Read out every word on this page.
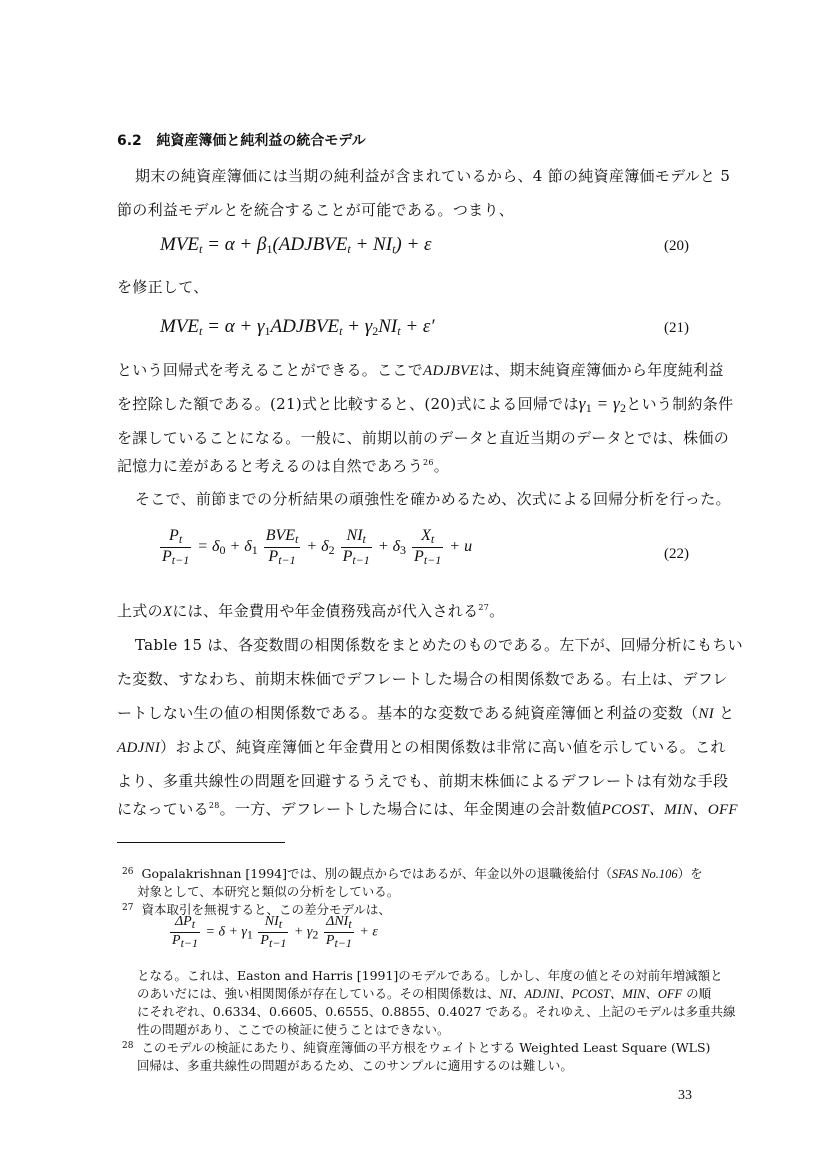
6.2 純資産簿価と純利益の統合モデル
期末の純資産簿価には当期の純利益が含まれているから、4 節の純資産簿価モデルと 5
節の利益モデルとを統合することが可能である。つまり、
$MVE_t = \alpha$ + $\beta_1(ADJBVE_t + NI_t) + \varepsilon$	(20)
を修正して、
$MVE_t = \alpha$ + $\gamma_1ADJBVE_t + \gamma_2NI_t + \varepsilon'$	(21)
という回帰式を考えることができる。ここでADJBVEは、期末純資産簿価から年度純利益
を控除した額である。(21)式と比較すると、(20)式による回帰では$\gamma_1 = \gamma_2$という制約条件
を課していることになる。一般に、前期以前のデータと直近当期のデータとでは、株価の
記憶力に差があると考えるのは自然であろう$^{26}$。
そこで、前節までの分析結果の頑強性を確かめるため、次式による回帰分析を行った。
$\frac{P_t}{P_{t-1}} = \delta_0 + \delta_1 \frac{BVE_t}{P_{t-1}} + \delta_2 \frac{NI_t}{P_{t-1}} + \delta_3 \frac{X_t}{P_{t-1}} + u$	(22)
上式のXには、年金費用や年金債務残高が代入される$^{27}$。
Table 15 は、各変数間の相関係数をまとめたのものである。左下が、回帰分析にもちい
た変数、すなわち、前期末株価でデフレートした場合の相関係数である。右上は、デフレ
ートしない生の値の相関係数である。基本的な変数である純資産簿価と利益の変数（NI と
ADJNI）および、純資産簿価と年金費用との相関係数は非常に高い値を示している。これ
より、多重共線性の問題を回避するうえでも、前期末株価によるデフレートは有効な手段
になっている$^{28}$。一方、デフレートした場合には、年金関連の会計数値PCOST、MIN、OFF
$^{26}$ Gopalakrishnan [1994]では、別の観点からではあるが、年金以外の退職後給付（SFAS No.106）を
対象として、本研究と類似の分析をしている。
$^{27}$ 資本取引を無視すると、この差分モデルは、
$\frac{\Delta P_t}{P_{t-1}} = \delta + \gamma_1 \frac{NI_t}{P_{t-1}} + \gamma_2 \frac{\Delta NI_t}{P_{t-1}} + \varepsilon$
となる。これは、Easton and Harris [1991]のモデルである。しかし、年度の値とその対前年増減額と
のあいだには、強い相関関係が存在している。その相関係数は、NI、ADJNI、PCOST、MIN、OFF の順
にそれぞれ、0.6334、0.6605、0.6555、0.8855、0.4027 である。それゆえ、上記のモデルは多重共線
性の問題があり、ここでの検証に使うことはできない。
$^{28}$ このモデルの検証にあたり、純資産簿価の平方根をウェイトとする Weighted Least Square (WLS)
回帰は、多重共線性の問題があるため、このサンプルに適用するのは難しい。
33
